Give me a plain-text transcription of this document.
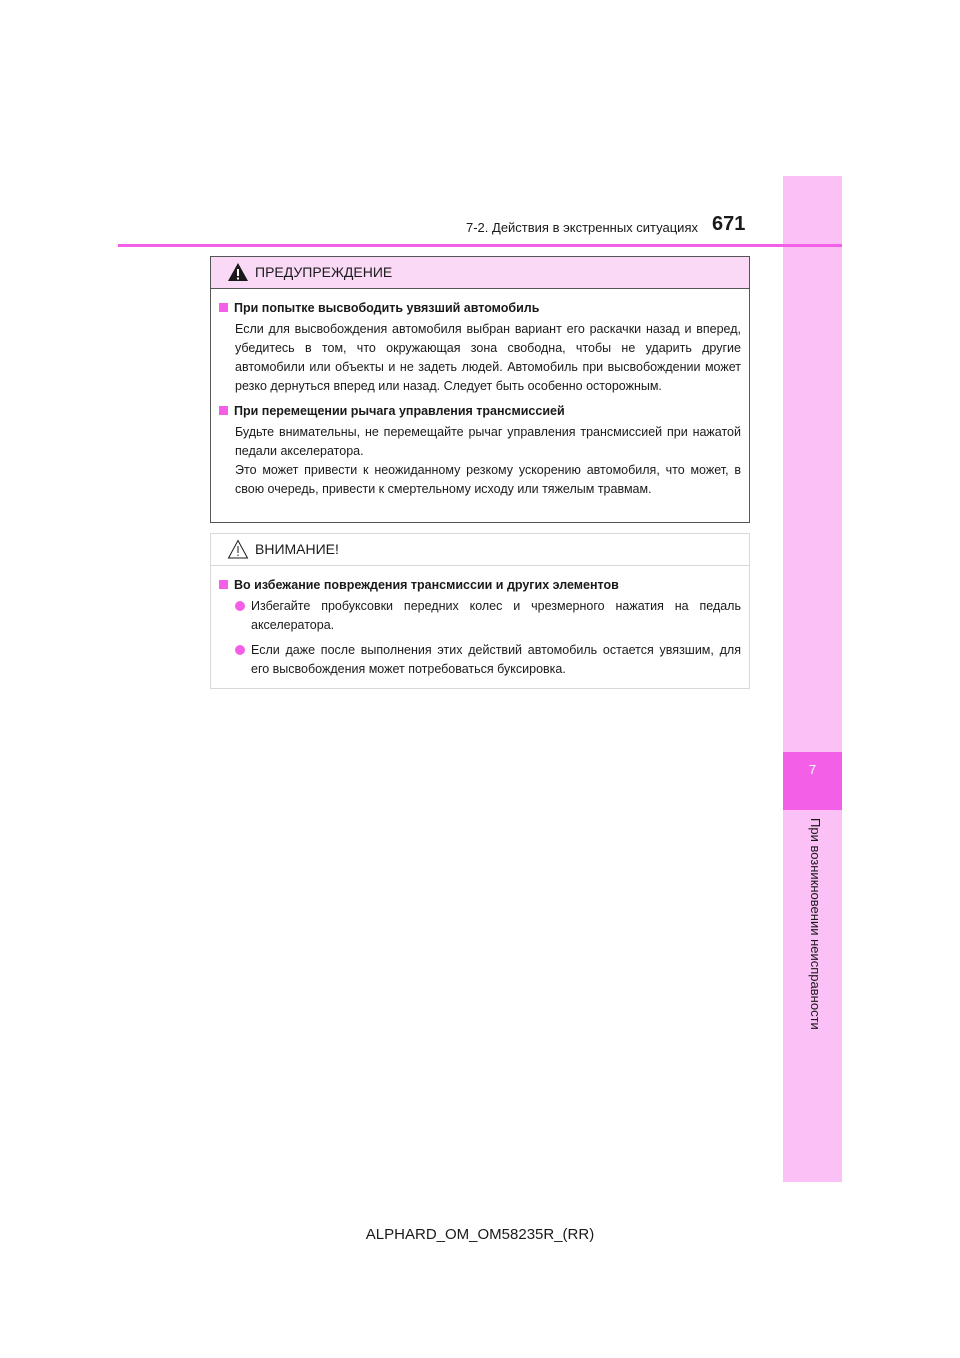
7
При возникновении неисправности
7-2. Действия в экстренных ситуациях 671
ПРЕДУПРЕЖДЕНИЕ
При попытке высвободить увязший автомобиль
Если для высвобождения автомобиля выбран вариант его раскачки назад и вперед, убедитесь в том, что окружающая зона свободна, чтобы не ударить другие автомобили или объекты и не задеть людей. Автомобиль при высвобождении может резко дернуться вперед или назад. Следует быть особенно осторожным.
При перемещении рычага управления трансмиссией
Будьте внимательны, не перемещайте рычаг управления трансмиссией при нажатой педали акселератора.
Это может привести к неожиданному резкому ускорению автомобиля, что может, в свою очередь, привести к смертельному исходу или тяжелым травмам.
ВНИМАНИЕ!
Во избежание повреждения трансмиссии и других элементов
Избегайте пробуксовки передних колес и чрезмерного нажатия на педаль акселератора.
Если даже после выполнения этих действий автомобиль остается увязшим, для его высвобождения может потребоваться буксировка.
ALPHARD_OM_OM58235R_(RR)
